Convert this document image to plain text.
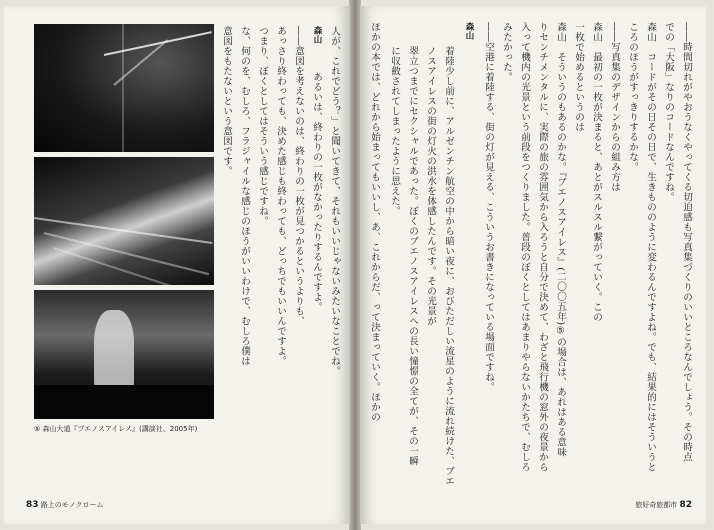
⑤ 森山大道『ブエノスアイレス』(講談社、2005年)
人が、これでどう？」と聞いてきて、それもいいじゃないみたいなことでね。
森山
あるいは、終わりの一枚がなかったりするんですよ。
――意図を考えないのは、終わりの一枚が見つかるというよりも、
あっさり終わっても、決めた感じも終わっても、どっちでもいいんですよ。
つまり、ぼくとしてはそういう感じですね。
な、何のを、むしろ、フラジャイルな感じのほうがいいわけで、むしろ僕は
意図をもたないという意図です。
83 路上のモノクローム
――時間切れがやおうなくやってくる切迫感も写真集づくりのいいところなんでしょう。その時点
での「大阪」なりのコードなんですね。
森山　コードがその日その日で、生きもののように変わるんですよね。でも、結果的にはそういうと
ころのほうがすっきりするかな。
――写真集のデザインからの組み方は
森山　最初の一枚が決まると、あとがスルスル繋がっていく。この
一枚で始めるというのは
森山　そういうのもあるのかな。『ブエノスアイレス』(二〇〇五年)⑤の場合は、あれはある意味
りセンチメンタルに、実際の旅の雰囲気から入ろうと自分で決めて、わざと飛行機の窓外の夜景から
入って機内の光景という前段をつくりました。普段のぼくとしてはあまりやらないかたちで、むしろ
みたかった。
――空港に着陸する、街の灯が見える、こういうお書きになっている場面ですね。
森山
着陸少し前に、アルゼンチン航空の中から暗い夜に、おびただしい流星のように流れ続けた、ブエ
ノスアイレスの街の灯火の洪水を体感したんです。その光景が
翠立つまでにセクシャルであった。ぼくのブエノスアイレスへの長い憧憬の全てが、その一瞬
に収斂されてしまったように思えた。
ほかの本では、どれから始まってもいいし、あ、これからだ、って決まっていく。ほかの
旅好奇旅都市 82
